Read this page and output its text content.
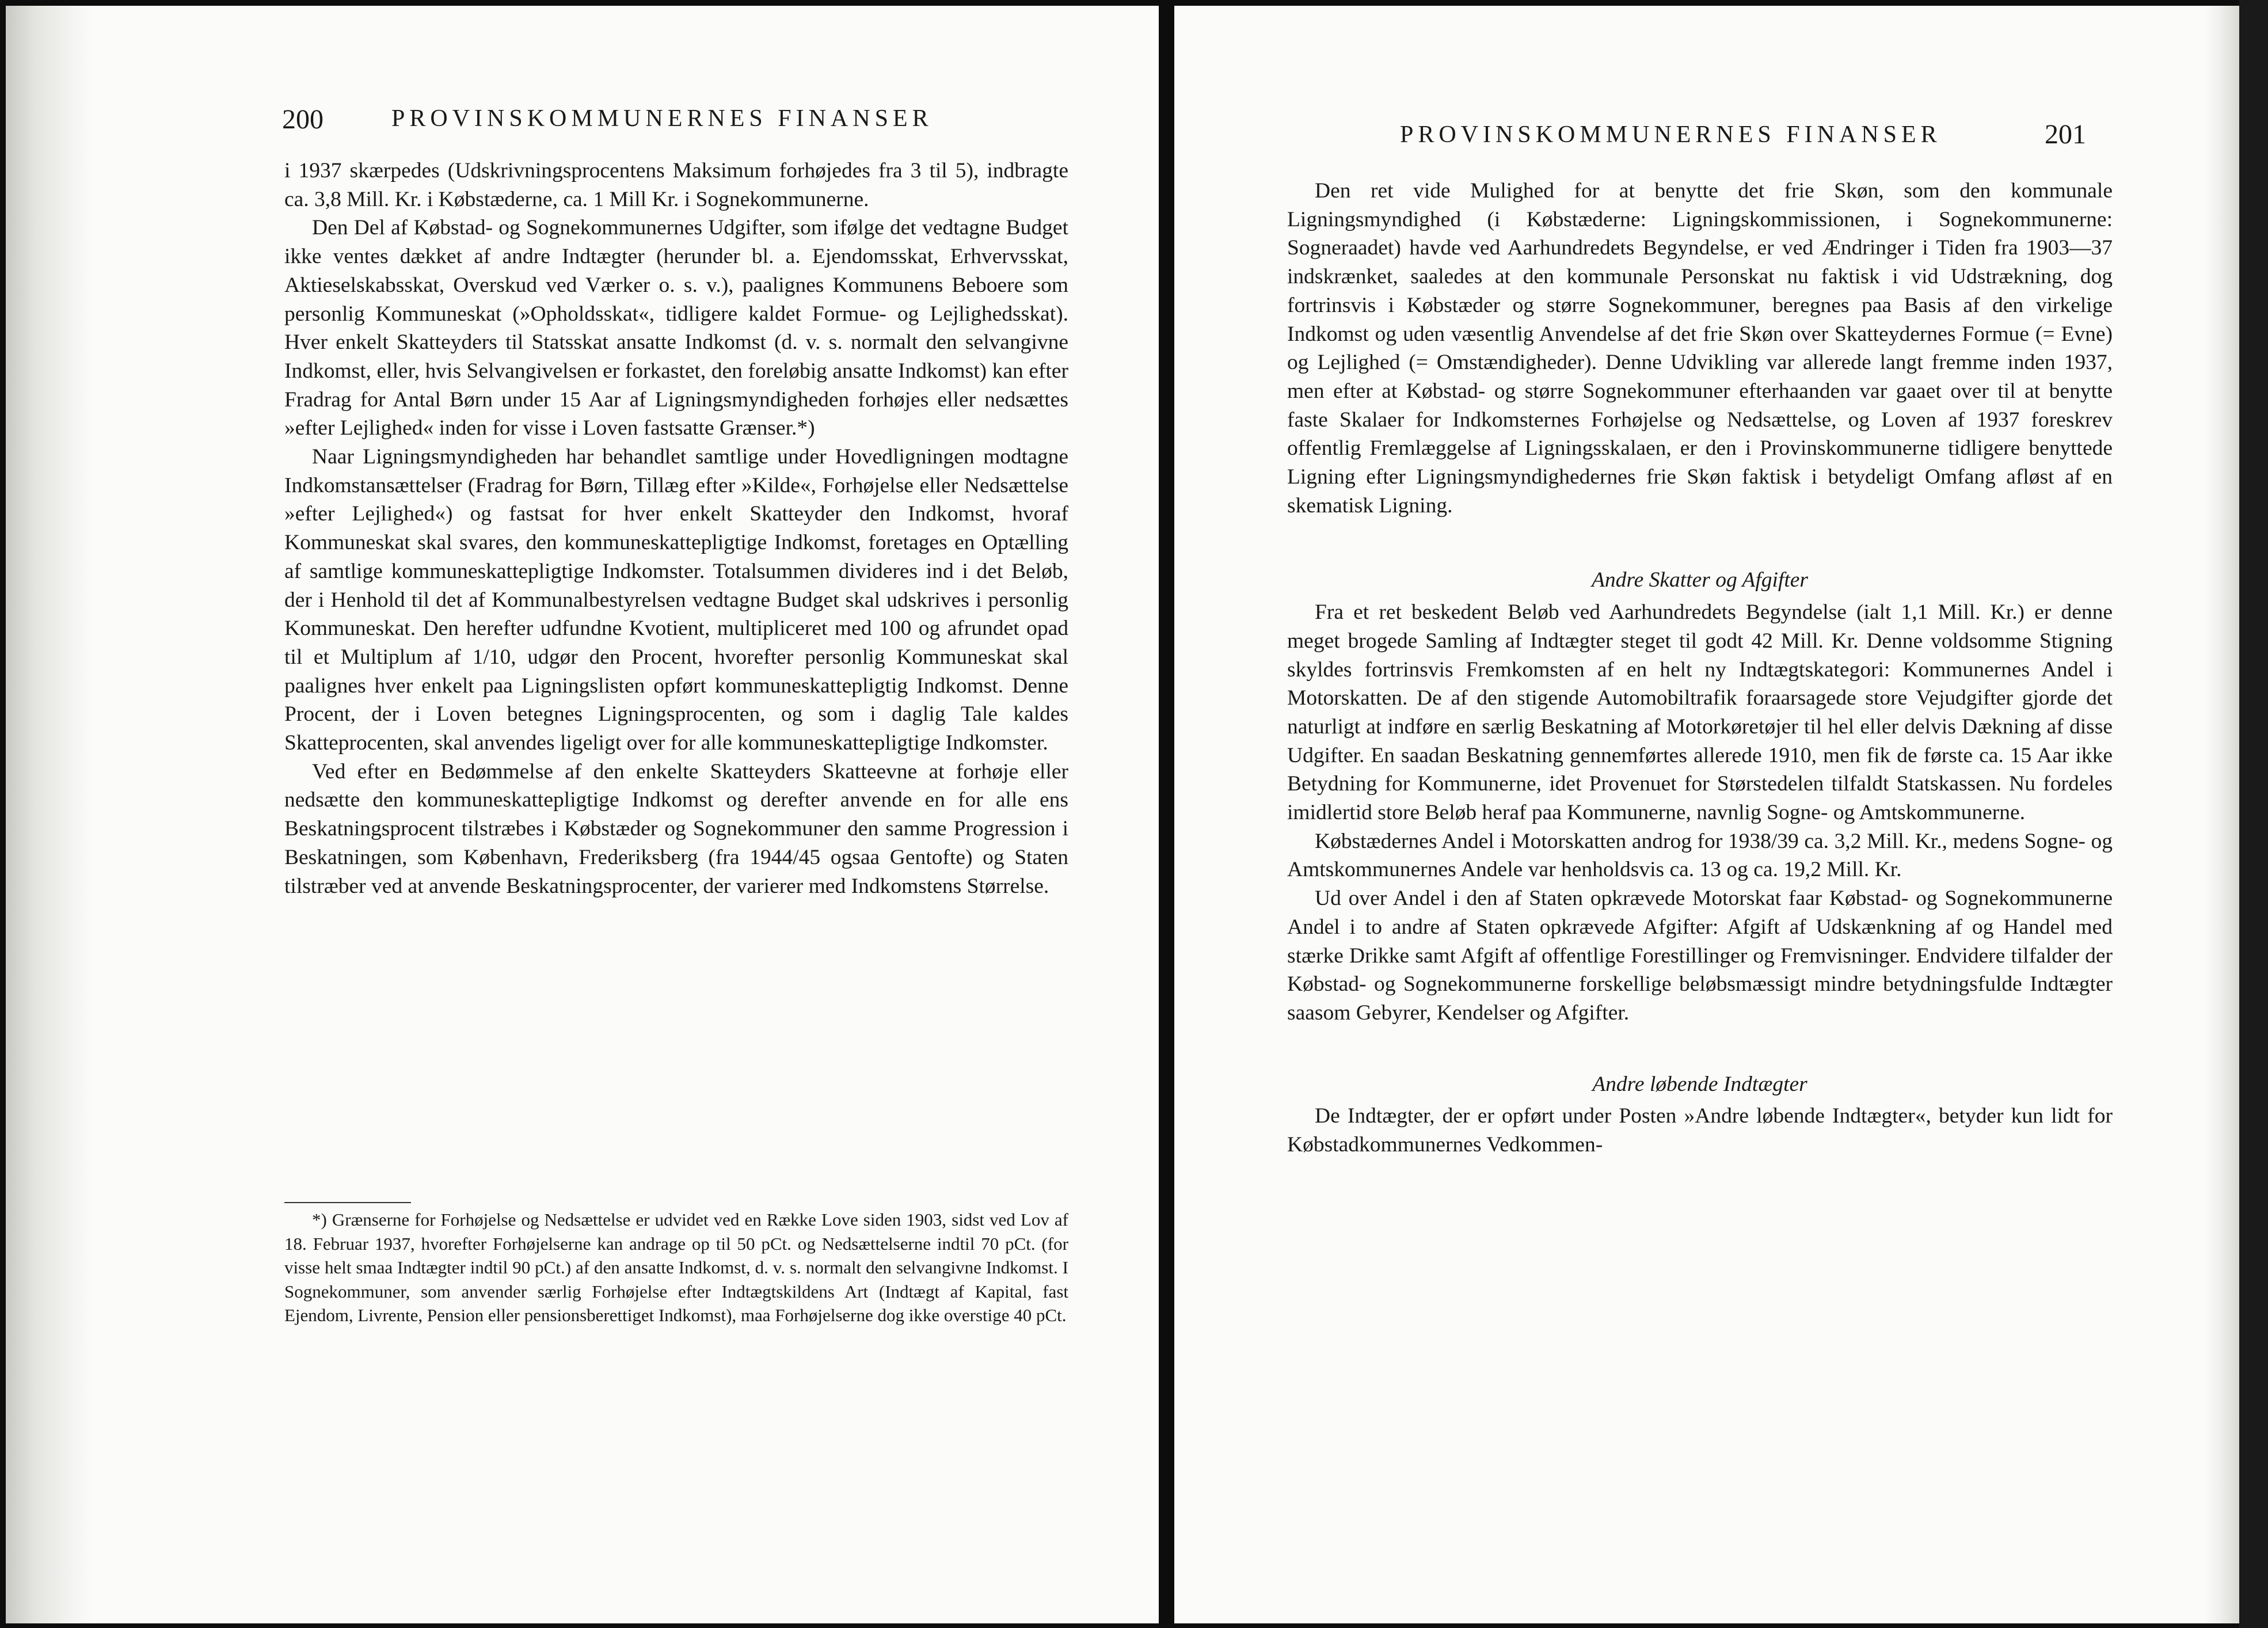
200	PROVINSKOMMUNERNES FINANSER

i 1937 skærpedes (Udskrivningsprocentens Maksimum forhøjedes fra 3 til 5), indbragte ca. 3,8 Mill. Kr. i Købstæderne, ca. 1 Mill Kr. i Sognekommunerne.

Den Del af Købstad- og Sognekommunernes Udgifter, som ifølge det vedtagne Budget ikke ventes dækket af andre Indtægter (herunder bl. a. Ejendomsskat, Erhvervsskat, Aktieselskabsskat, Overskud ved Værker o. s. v.), paalignes Kommunens Beboere som personlig Kommuneskat (»Opholdsskat«, tidligere kaldet Formue- og Lejlighedsskat). Hver enkelt Skatteyders til Statsskat ansatte Indkomst (d. v. s. normalt den selvangivne Indkomst, eller, hvis Selvangivelsen er forkastet, den foreløbig ansatte Indkomst) kan efter Fradrag for Antal Børn under 15 Aar af Ligningsmyndigheden forhøjes eller nedsættes »efter Lejlighed« inden for visse i Loven fastsatte Grænser.*)

Naar Ligningsmyndigheden har behandlet samtlige under Hovedligningen modtagne Indkomstansættelser (Fradrag for Børn, Tillæg efter »Kilde«, Forhøjelse eller Nedsættelse »efter Lejlighed«) og fastsat for hver enkelt Skatteyder den Indkomst, hvoraf Kommuneskat skal svares, den kommuneskattepligtige Indkomst, foretages en Optælling af samtlige kommuneskattepligtige Indkomster. Totalsummen divideres ind i det Beløb, der i Henhold til det af Kommunalbestyrelsen vedtagne Budget skal udskrives i personlig Kommuneskat. Den herefter udfundne Kvotient, multipliceret med 100 og afrundet opad til et Multiplum af 1/10, udgør den Procent, hvorefter personlig Kommuneskat skal paalignes hver enkelt paa Ligningslisten opført kommuneskattepligtig Indkomst. Denne Procent, der i Loven betegnes Ligningsprocenten, og som i daglig Tale kaldes Skatteprocenten, skal anvendes ligeligt over for alle kommuneskattepligtige Indkomster.

Ved efter en Bedømmelse af den enkelte Skatteyders Skatteevne at forhøje eller nedsætte den kommuneskattepligtige Indkomst og derefter anvende en for alle ens Beskatningsprocent tilstræbes i Købstæder og Sognekommuner den samme Progression i Beskatningen, som København, Frederiksberg (fra 1944/45 ogsaa Gentofte) og Staten tilstræber ved at anvende Beskatningsprocenter, der varierer med Indkomstens Størrelse.

*) Grænserne for Forhøjelse og Nedsættelse er udvidet ved en Række Love siden 1903, sidst ved Lov af 18. Februar 1937, hvorefter Forhøjelserne kan andrage op til 50 pCt. og Nedsættelserne indtil 70 pCt. (for visse helt smaa Indtægter indtil 90 pCt.) af den ansatte Indkomst, d. v. s. normalt den selvangivne Indkomst. I Sognekommuner, som anvender særlig Forhøjelse efter Indtægtskildens Art (Indtægt af Kapital, fast Ejendom, Livrente, Pension eller pensionsberettiget Indkomst), maa Forhøjelserne dog ikke overstige 40 pCt.

PROVINSKOMMUNERNES FINANSER	201

Den ret vide Mulighed for at benytte det frie Skøn, som den kommunale Ligningsmyndighed (i Købstæderne: Ligningskommissionen, i Sognekommunerne: Sogneraadet) havde ved Aarhundredets Begyndelse, er ved Ændringer i Tiden fra 1903—37 indskrænket, saaledes at den kommunale Personskat nu faktisk i vid Udstrækning, dog fortrinsvis i Købstæder og større Sognekommuner, beregnes paa Basis af den virkelige Indkomst og uden væsentlig Anvendelse af det frie Skøn over Skatteydernes Formue (= Evne) og Lejlighed (= Omstændigheder). Denne Udvikling var allerede langt fremme inden 1937, men efter at Købstad- og større Sognekommuner efterhaanden var gaaet over til at benytte faste Skalaer for Indkomsternes Forhøjelse og Nedsættelse, og Loven af 1937 foreskrev offentlig Fremlæggelse af Ligningsskalaen, er den i Provinskommunerne tidligere benyttede Ligning efter Ligningsmyndighedernes frie Skøn faktisk i betydeligt Omfang afløst af en skematisk Ligning.

Andre Skatter og Afgifter

Fra et ret beskedent Beløb ved Aarhundredets Begyndelse (ialt 1,1 Mill. Kr.) er denne meget brogede Samling af Indtægter steget til godt 42 Mill. Kr. Denne voldsomme Stigning skyldes fortrinsvis Fremkomsten af en helt ny Indtægtskategori: Kommunernes Andel i Motorskatten. De af den stigende Automobiltrafik foraarsagede store Vejudgifter gjorde det naturligt at indføre en særlig Beskatning af Motorkøretøjer til hel eller delvis Dækning af disse Udgifter. En saadan Beskatning gennemførtes allerede 1910, men fik de første ca. 15 Aar ikke Betydning for Kommunerne, idet Provenuet for Størstedelen tilfaldt Statskassen. Nu fordeles imidlertid store Beløb heraf paa Kommunerne, navnlig Sogne- og Amtskommunerne.

Købstædernes Andel i Motorskatten androg for 1938/39 ca. 3,2 Mill. Kr., medens Sogne- og Amtskommunernes Andele var henholdsvis ca. 13 og ca. 19,2 Mill. Kr.

Ud over Andel i den af Staten opkrævede Motorskat faar Købstad- og Sognekommunerne Andel i to andre af Staten opkrævede Afgifter: Afgift af Udskænkning af og Handel med stærke Drikke samt Afgift af offentlige Forestillinger og Fremvisninger. Endvidere tilfalder der Købstad- og Sognekommunerne forskellige beløbsmæssigt mindre betydningsfulde Indtægter saasom Gebyrer, Kendelser og Afgifter.

Andre løbende Indtægter

De Indtægter, der er opført under Posten »Andre løbende Indtægter«, betyder kun lidt for Købstadkommunernes Vedkommen-
